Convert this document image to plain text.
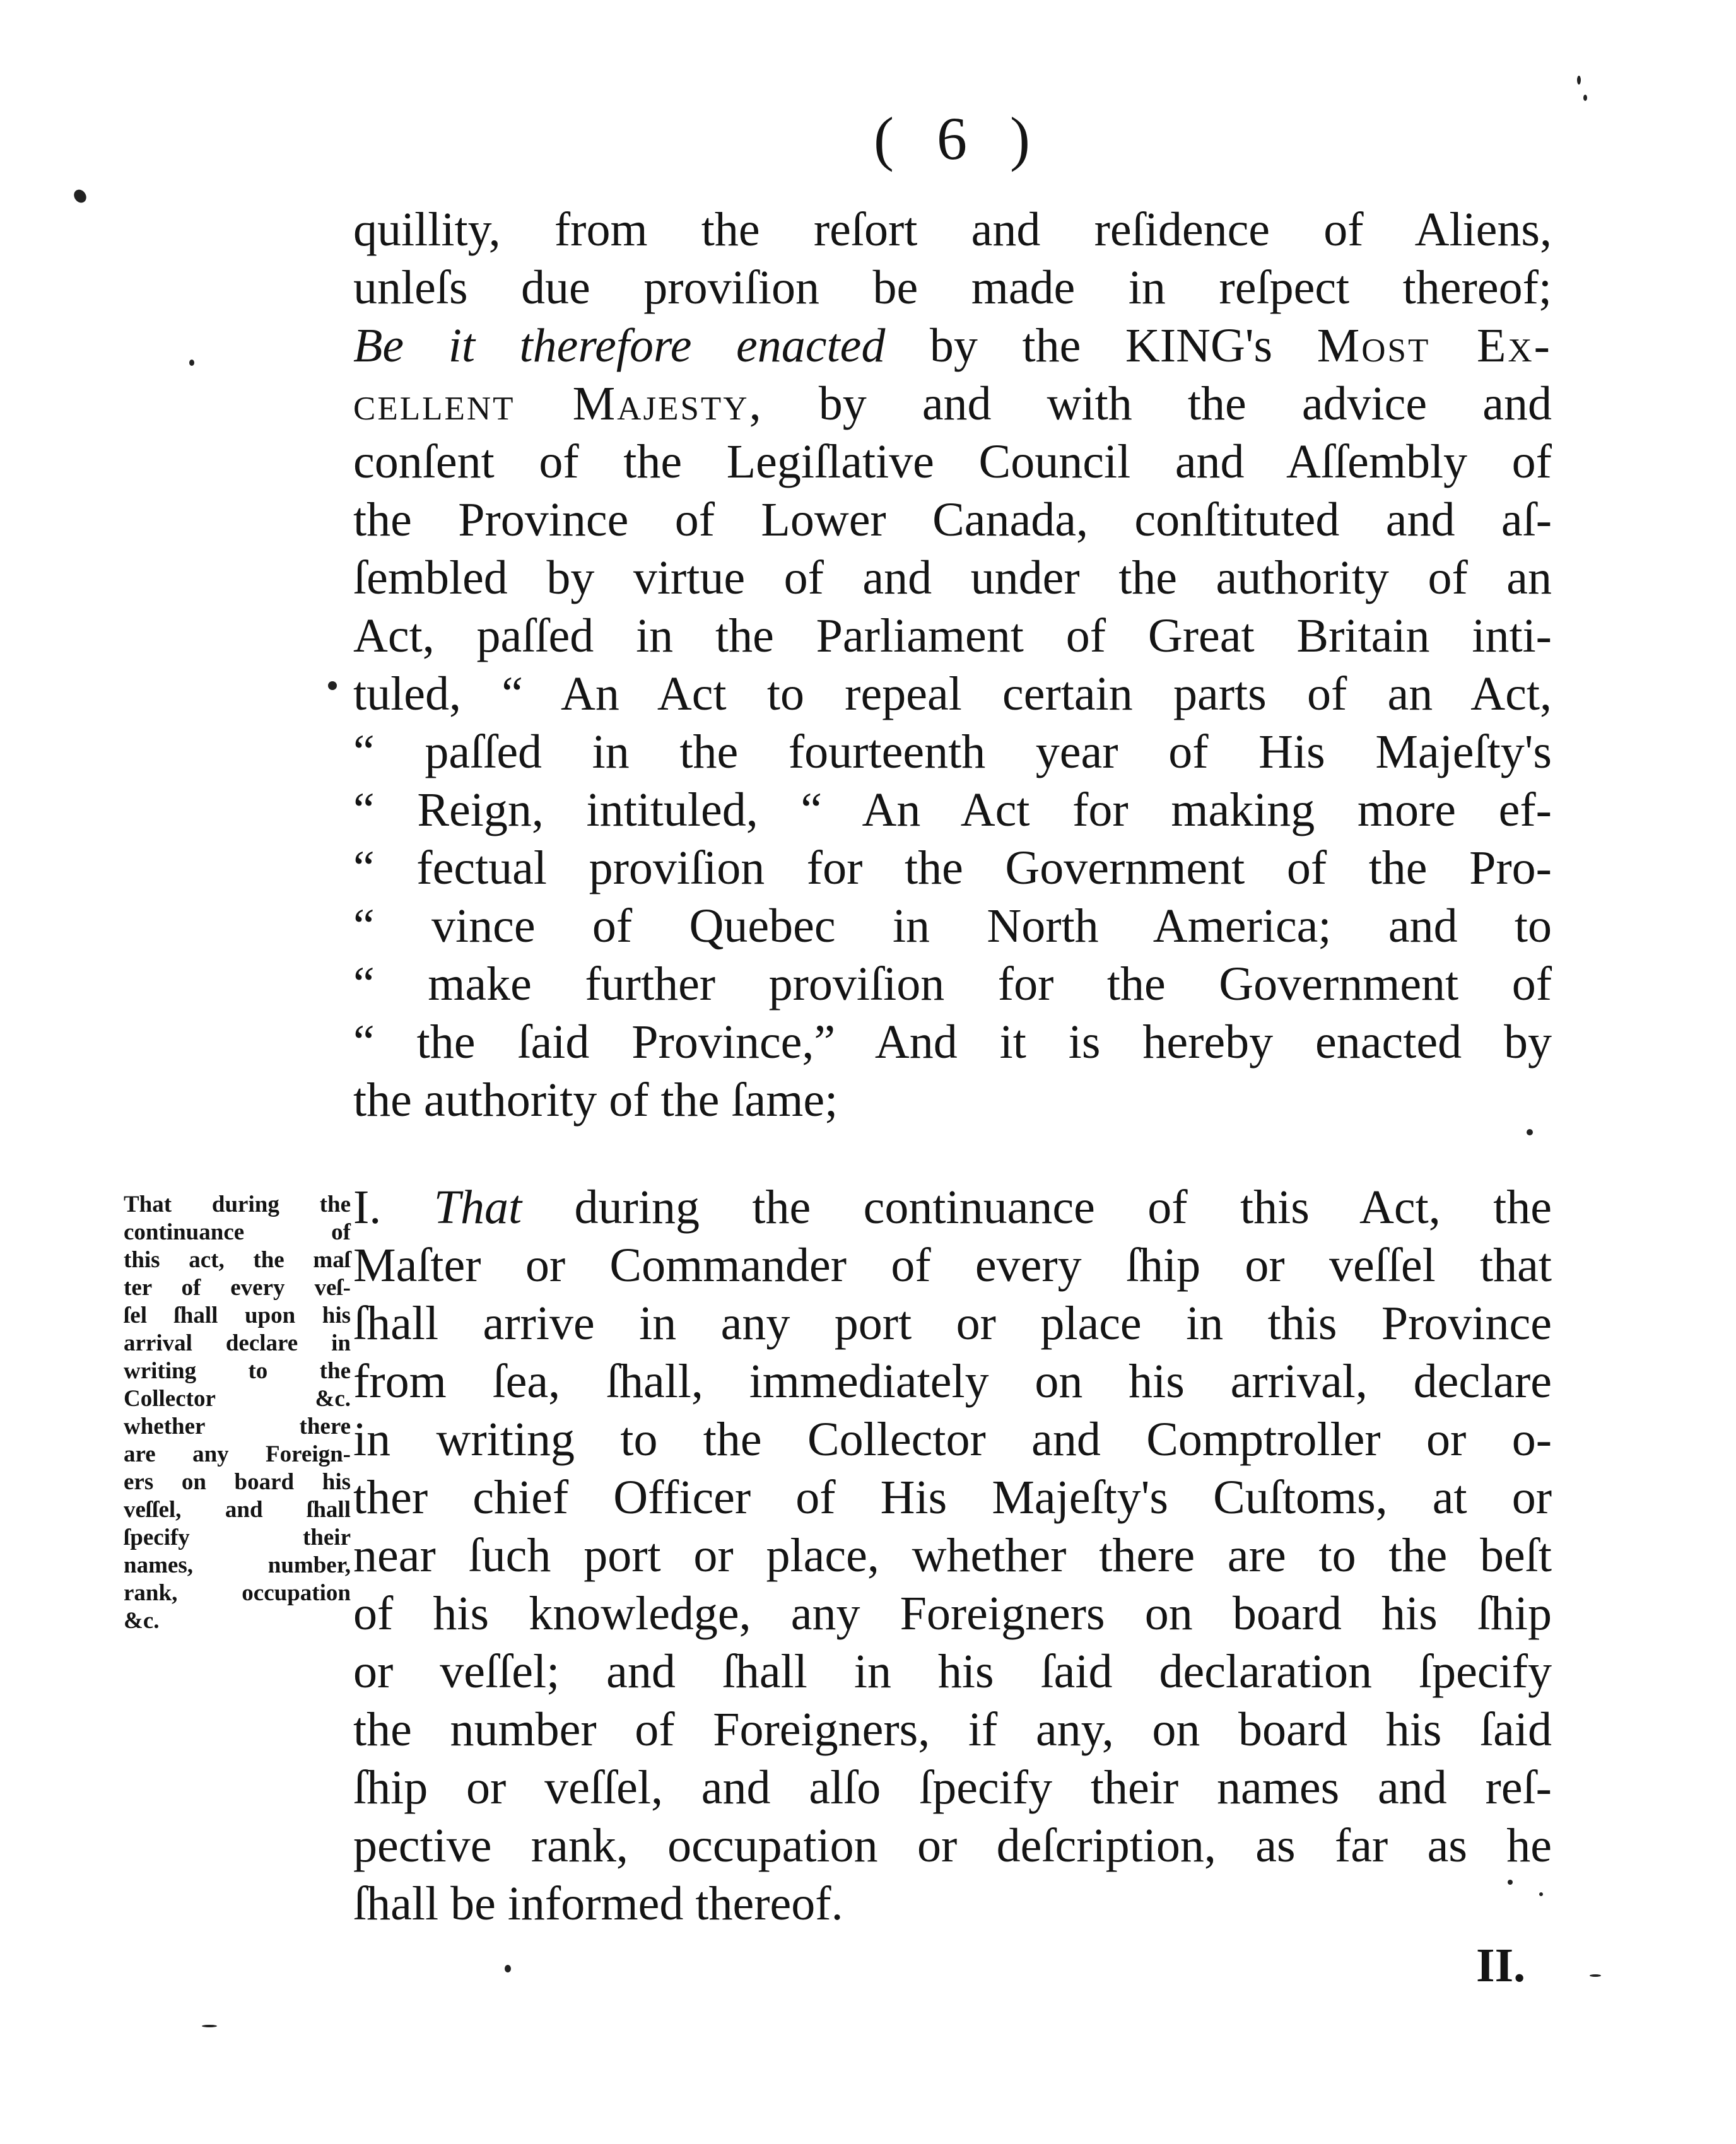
( 6 )
quillity, from the reſort and reſidence of Aliens,
unleſs due proviſion be made in reſpect thereof;
Be it therefore enacted by the KING's Most Ex-
cellent Majesty, by and with the advice and
conſent of the Legiſlative Council and Aſſembly of
the Province of Lower Canada, conſtituted and aſ-
ſembled by virtue of and under the authority of an
Act, paſſed in the Parliament of Great Britain inti-
tuled, “ An Act to repeal certain parts of an Act,
“ paſſed in the fourteenth year of His Majeſty's
“ Reign, intituled, “ An Act for making more ef-
“ fectual proviſion for the Government of the Pro-
“ vince of Quebec in North America; and to
“ make further proviſion for the Government of
“ the ſaid Province,” And it is hereby enacted by
the authority of the ſame;
That during the
continuance of
this act, the maſ
ter of every veſ-
ſel ſhall upon his
arrival declare in
writing to the
Collector &c.
whether there
are any Foreign-
ers on board his
veſſel, and ſhall
ſpecify their
names, number,
rank, occupation
&c.
I. That during the continuance of this Act, the
Maſter or Commander of every ſhip or veſſel that
ſhall arrive in any port or place in this Province
from ſea, ſhall, immediately on his arrival, declare
in writing to the Collector and Comptroller or o-
ther chief Officer of His Majeſty's Cuſtoms, at or
near ſuch port or place, whether there are to the beſt
of his knowledge, any Foreigners on board his ſhip
or veſſel; and ſhall in his ſaid declaration ſpecify
the number of Foreigners, if any, on board his ſaid
ſhip or veſſel, and alſo ſpecify their names and reſ-
pective rank, occupation or deſcription, as far as he
ſhall be informed thereof.
II.
